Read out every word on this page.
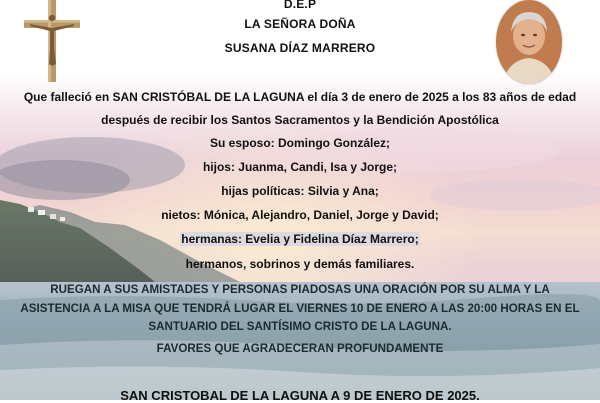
D.E.P
LA SEÑORA DOÑA
SUSANA DÍAZ MARRERO
Que falleció en SAN CRISTÓBAL DE LA LAGUNA el día 3 de enero de 2025 a los 83 años de edad
después de recibir los Santos Sacramentos y la Bendición Apostólica
Su esposo: Domingo González;
hijos: Juanma, Candi, Isa y Jorge;
hijas políticas: Silvia y Ana;
nietos: Mónica, Alejandro, Daniel, Jorge y David;
hermanas: Evelia y Fidelina Díaz Marrero;
hermanos, sobrinos y demás familiares.
RUEGAN A SUS AMISTADES Y PERSONAS PIADOSAS UNA ORACIÓN POR SU ALMA Y LA
ASISTENCIA A LA MISA QUE TENDRÁ LUGAR EL VIERNES 10 DE ENERO A LAS 20:00 HORAS EN EL
SANTUARIO DEL SANTÍSIMO CRISTO DE LA LAGUNA.
FAVORES QUE AGRADECERAN PROFUNDAMENTE
SAN CRISTOBAL DE LA LAGUNA A 9 DE ENERO DE 2025.
